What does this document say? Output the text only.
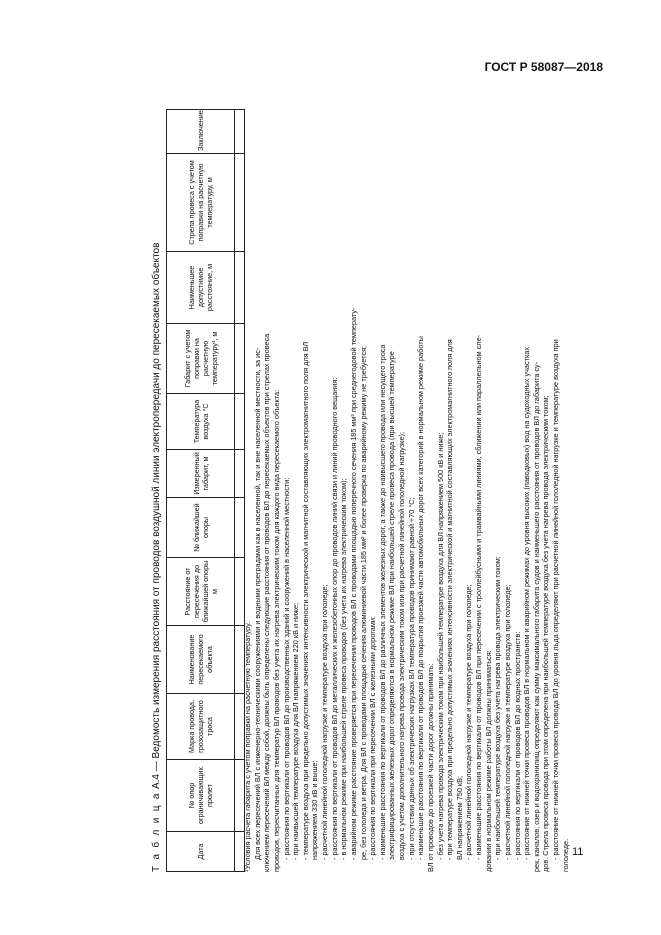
ГОСТ Р 58087—2018
Т а б л и ц а А.4 — Ведомость измерения расстояния от проводов воздушной линии электропередачи до пересекаемых объектов
Дата	№ опор ограничивающих пролет	Марка провода, грозозащитного троса	Наименование пересекаемого объекта	Расстояние от пересечения до ближайшей опоры м	№ ближайшей опоры	Измеренный габарит, м	Температура воздуха °С	Габарит с учетом поправки на расчетную температуру¹, м	Наименьшее допустимое расстояние, м	Стрела провеса с учетом поправки на расчетную температуру, м	Заключение

¹Условия расчета габарита с учетом поправки на расчетную температуру. Для всех пересечений ВЛ с инженерно-техническими сооружениями и водными преградами как в населенной, так и вне населенной местности, за ис- ключением пересечений ВЛ между собой, должны быть определены следующие расстояния от проводов ВЛ до пересекаемых объектов при стрелах провеса проводов, пересчитанных для температур ВЛ проводов без учета их нагрева электрическим током для каждого вида пересекаемого объекта: - расстояния по вертикали от проводов ВЛ до производственных зданий и сооружений в населенной местности: - при наивысшей температуре воздуха для ВЛ напряжением 220 кВ и ниже; - температуре воздуха при предельно допустимых значениях интенсивности электрической и магнитной составляющих электромагнитного поля для ВЛ напряжением 330 кВ и выше; - расчетной линейной гололедной нагрузке и температуре воздуха при гололеде; - расстояния по вертикали от проводов ВЛ до металлических и железобетонных опор до проводов линий связи и линий проводного вещания: - в нормальном режиме при наибольшей стреле провеса проводов (без учета их нагрева электрическим током); - аварийном режиме расстояние проверяется при пересечении проводов ВЛ с проводами площадью поперечного сечения 185 мм² при среднегодовой температу- ре, без гололеда и ветра. Для ВЛ с проводами площадью сечения алюминиевой части 185 мм² и более проверка по аварийному режиму не требуется; - расстояния по вертикали при пересечении ВЛ с железными дорогами: - наименьшие расстояния по вертикали от проводов ВЛ до различных элементов железных дорог, а также до наивысшего провода или несущего троса электрифицированных железных дорог определяются в нормальном режиме ВЛ при наибольшей стреле провеса провода (при высшей температуре воздуха с учетом дополнительного нагрева провода электрическим током или при расчетной линейной гололедной нагрузке); - при отсутствии данных об электрических нагрузках ВЛ температура проводов принимают равной +70 °С; - наименьшие расстояния по вертикали от проводов ВЛ до покрытия проезжей части автомобильных дорог всех категорий в нормальном режиме работы ВЛ от проводов до проезжей части дорог должны принимать: - без учета нагрева провода электрическим током при наибольшей температуре воздуха для ВЛ напряжением 500 кВ и ниже; - при температуре воздуха при предельно допустимых значениях интенсивности электрической и магнитной составляющих электромагнитного поля для ВЛ напряжением 750 кВ; - расчетной линейной гололедной нагрузке и температуре воздуха при гололеде; - наименьшие расстояния по вертикали от проводов ВЛ при пересечении с троллейбусными и трамвайными линиями, сближении или параллельном сле- довании в нормальном режиме работы ВЛ должны приниматься: - при наибольшей температуре воздуха без учета нагрева провода электрическим током; - расчетной линейной гололедной нагрузке и температуре воздуха при гололеде; - расстояния по вертикали от проводов ВЛ до водных пространств: - расстояние от нижней точки провеса проводов ВЛ в нормальном и аварийном режимах до уровня высоких (паводковых) вод на судоходных участках рек, каналов, озер и водохранилищ определяют как сумму максимального габарита судов и наименьшего расстояния от проводов ВЛ до габарита су- дов. Стрела провеса провода при этом определена при наибольшей температуре воздуха без учета нагрева провода электрическим током; - расстояние от нижней точки провеса провода ВЛ до уровня льда определяют при расчетной линейной гололедной нагрузке и температуре воздуха при гололеде. 11
